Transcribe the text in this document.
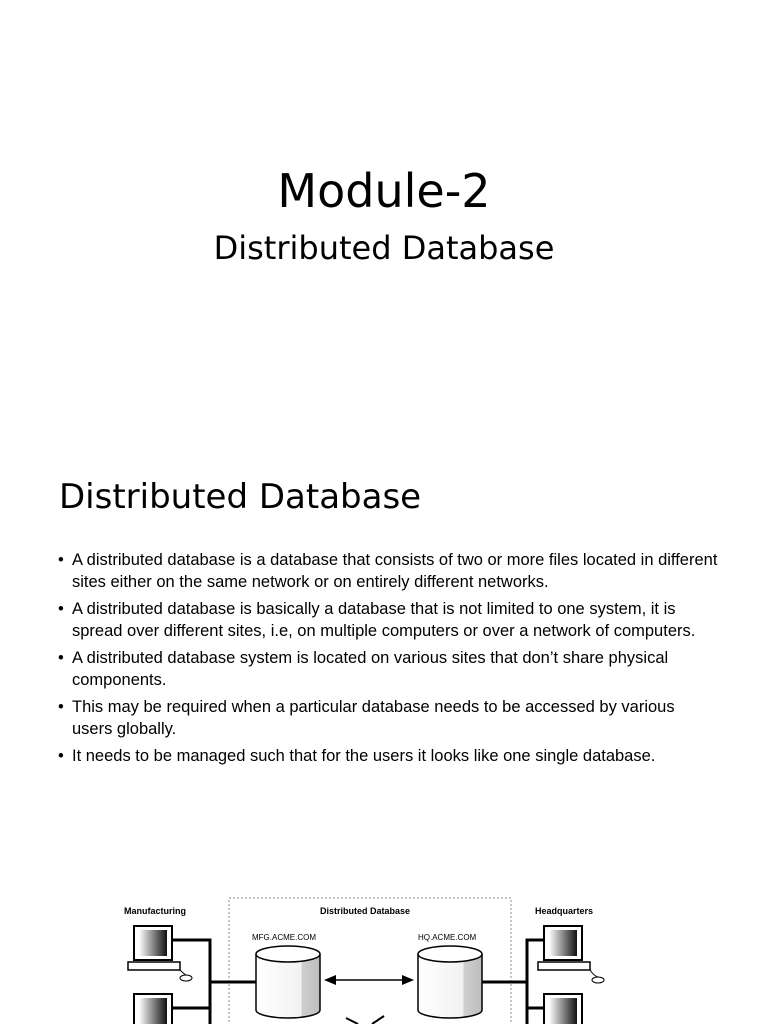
Module-2
Distributed Database
Distributed Database
• A distributed database is a database that consists of two or more files located in different sites either on the same network or on entirely different networks.
• A distributed database is basically a database that is not limited to one system, it is spread over different sites, i.e, on multiple computers or over a network of computers.
• A distributed database system is located on various sites that don’t share physical components.
• This may be required when a particular database needs to be accessed by various users globally.
• It needs to be managed such that for the users it looks like one single database.
Manufacturing	Distributed Database	Headquarters
MFG.ACME.COM	HQ.ACME.COM
